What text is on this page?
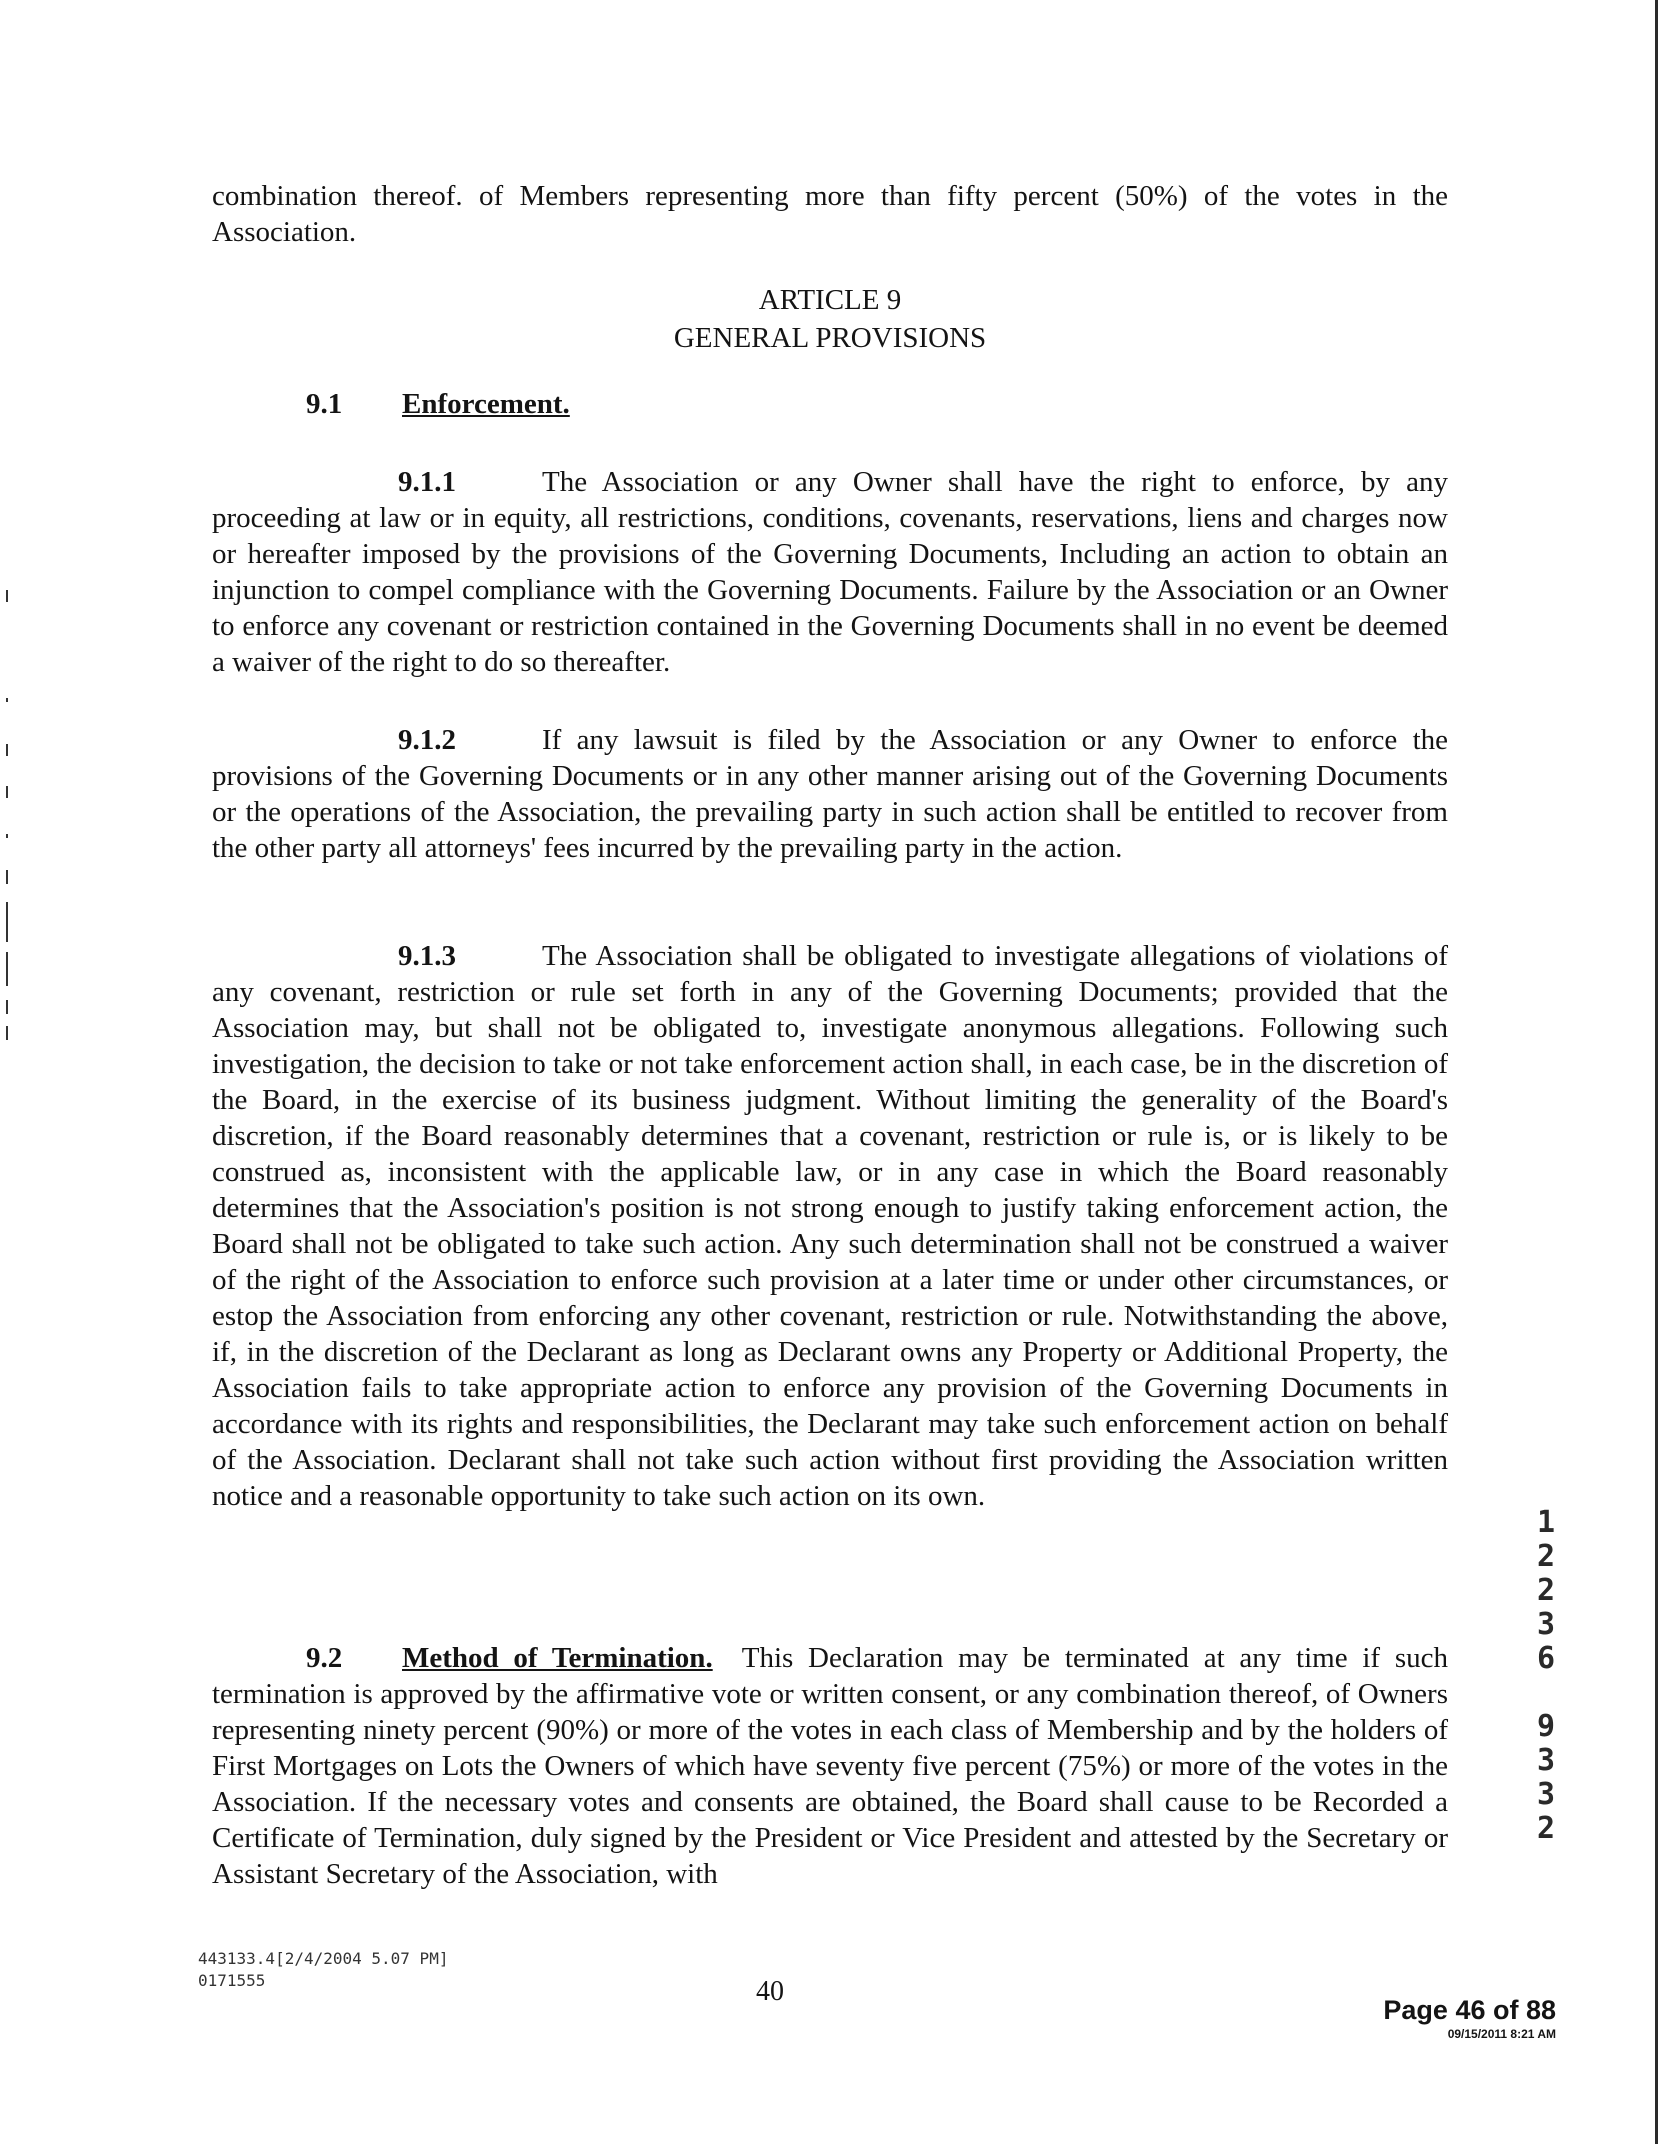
combination thereof. of Members representing more than fifty percent (50%) of the votes in the Association.

ARTICLE 9
GENERAL PROVISIONS
9.1 Enforcement.

9.1.1	The Association or any Owner shall have the right to enforce, by any proceeding at law or in equity, all restrictions, conditions, covenants, reservations, liens and charges now or hereafter imposed by the provisions of the Governing Documents, Including an action to obtain an injunction to compel compliance with the Governing Documents. Failure by the Association or an Owner to enforce any covenant or restriction contained in the Governing Documents shall in no event be deemed a waiver of the right to do so thereafter.

9.1.2	If any lawsuit is filed by the Association or any Owner to enforce the provisions of the Governing Documents or in any other manner arising out of the Governing Documents or the operations of the Association, the prevailing party in such action shall be entitled to recover from the other party all attorneys' fees incurred by the prevailing party in the action.

9.1.3	The Association shall be obligated to investigate allegations of violations of any covenant, restriction or rule set forth in any of the Governing Documents; provided that the Association may, but shall not be obligated to, investigate anonymous allegations. Following such investigation, the decision to take or not take enforcement action shall, in each case, be in the discretion of the Board, in the exercise of its business judgment. Without limiting the generality of the Board's discretion, if the Board reasonably determines that a covenant, restriction or rule is, or is likely to be construed as, inconsistent with the applicable law, or in any case in which the Board reasonably determines that the Association's position is not strong enough to justify taking enforcement action, the Board shall not be obligated to take such action. Any such determination shall not be construed a waiver of the right of the Association to enforce such provision at a later time or under other circumstances, or estop the Association from enforcing any other covenant, restriction or rule. Notwithstanding the above, if, in the discretion of the Declarant as long as Declarant owns any Property or Additional Property, the Association fails to take appropriate action to enforce any provision of the Governing Documents in accordance with its rights and responsibilities, the Declarant may take such enforcement action on behalf of the Association. Declarant shall not take such action without first providing the Association written notice and a reasonable opportunity to take such action on its own.

9.2 Method of Termination. This Declaration may be terminated at any time if such termination is approved by the affirmative vote or written consent, or any combination thereof, of Owners representing ninety percent (90%) or more of the votes in each class of Membership and by the holders of First Mortgages on Lots the Owners of which have seventy five percent (75%) or more of the votes in the Association. If the necessary votes and consents are obtained, the Board shall cause to be Recorded a Certificate of Termination, duly signed by the President or Vice President and attested by the Secretary or Assistant Secretary of the Association, with

1
2
2
3
6
9
3
3
2
443133.4[2/4/2004 5.07 PM]
0171555	40
Page 46 of 88
09/15/2011 8:21 AM
